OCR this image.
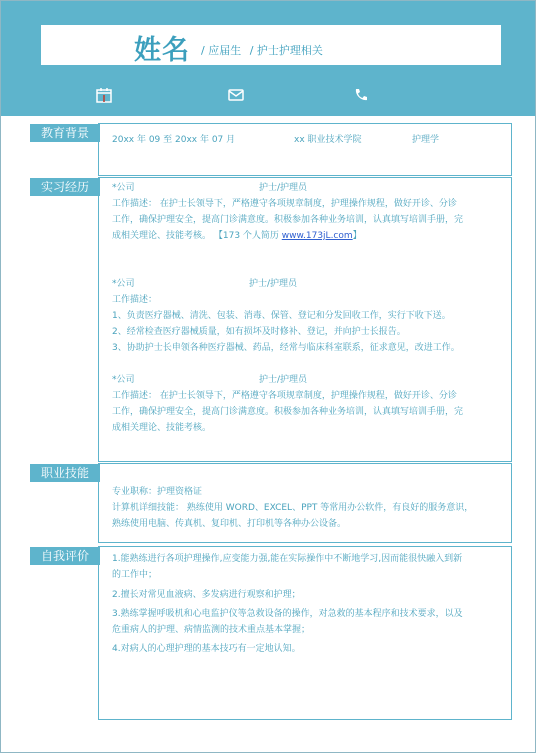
姓名 / 应届生 / 护士护理相关
教育背景	20xx 年 09 至 20xx 年 07 月	xx 职业技术学院	护理学
实习经历	*公司	护士/护理员
工作描述： 在护士长领导下，严格遵守各项规章制度，护理操作规程，做好开诊、分诊
工作，确保护理安全，提高门诊满意度。积极参加各种业务培训，认真填写培训手册，完
成相关理论、技能考核。 【173 个人简历 www.173jL.com】
*公司	护士/护理员
工作描述：
1、负责医疗器械、清洗、包装、消毒、保管、登记和分发回收工作，实行下收下送。
2、经常检查医疗器械质量，如有损坏及时修补、登记，并向护士长报告。
3、协助护士长申领各种医疗器械、药品，经常与临床科室联系，征求意见，改进工作。
*公司	护士/护理员
工作描述： 在护士长领导下，严格遵守各项规章制度，护理操作规程，做好开诊、分诊
工作，确保护理安全，提高门诊满意度。积极参加各种业务培训，认真填写培训手册，完
成相关理论、技能考核。
职业技能
专业职称：护理资格证
计算机详细技能： 熟练使用 WORD、EXCEL、PPT 等常用办公软件，有良好的服务意识，
熟练使用电脑、传真机、复印机、打印机等各种办公设备。
自我评价	1.能熟练进行各项护理操作,应变能力强,能在实际操作中不断地学习,因而能很快融入到新
的工作中；
2.擅长对常见血液病、多发病进行观察和护理；
3.熟练掌握呼吸机和心电监护仪等急救设备的操作，对急救的基本程序和技术要求，以及
危重病人的护理、病情监测的技术重点基本掌握；
4.对病人的心理护理的基本技巧有一定地认知。
